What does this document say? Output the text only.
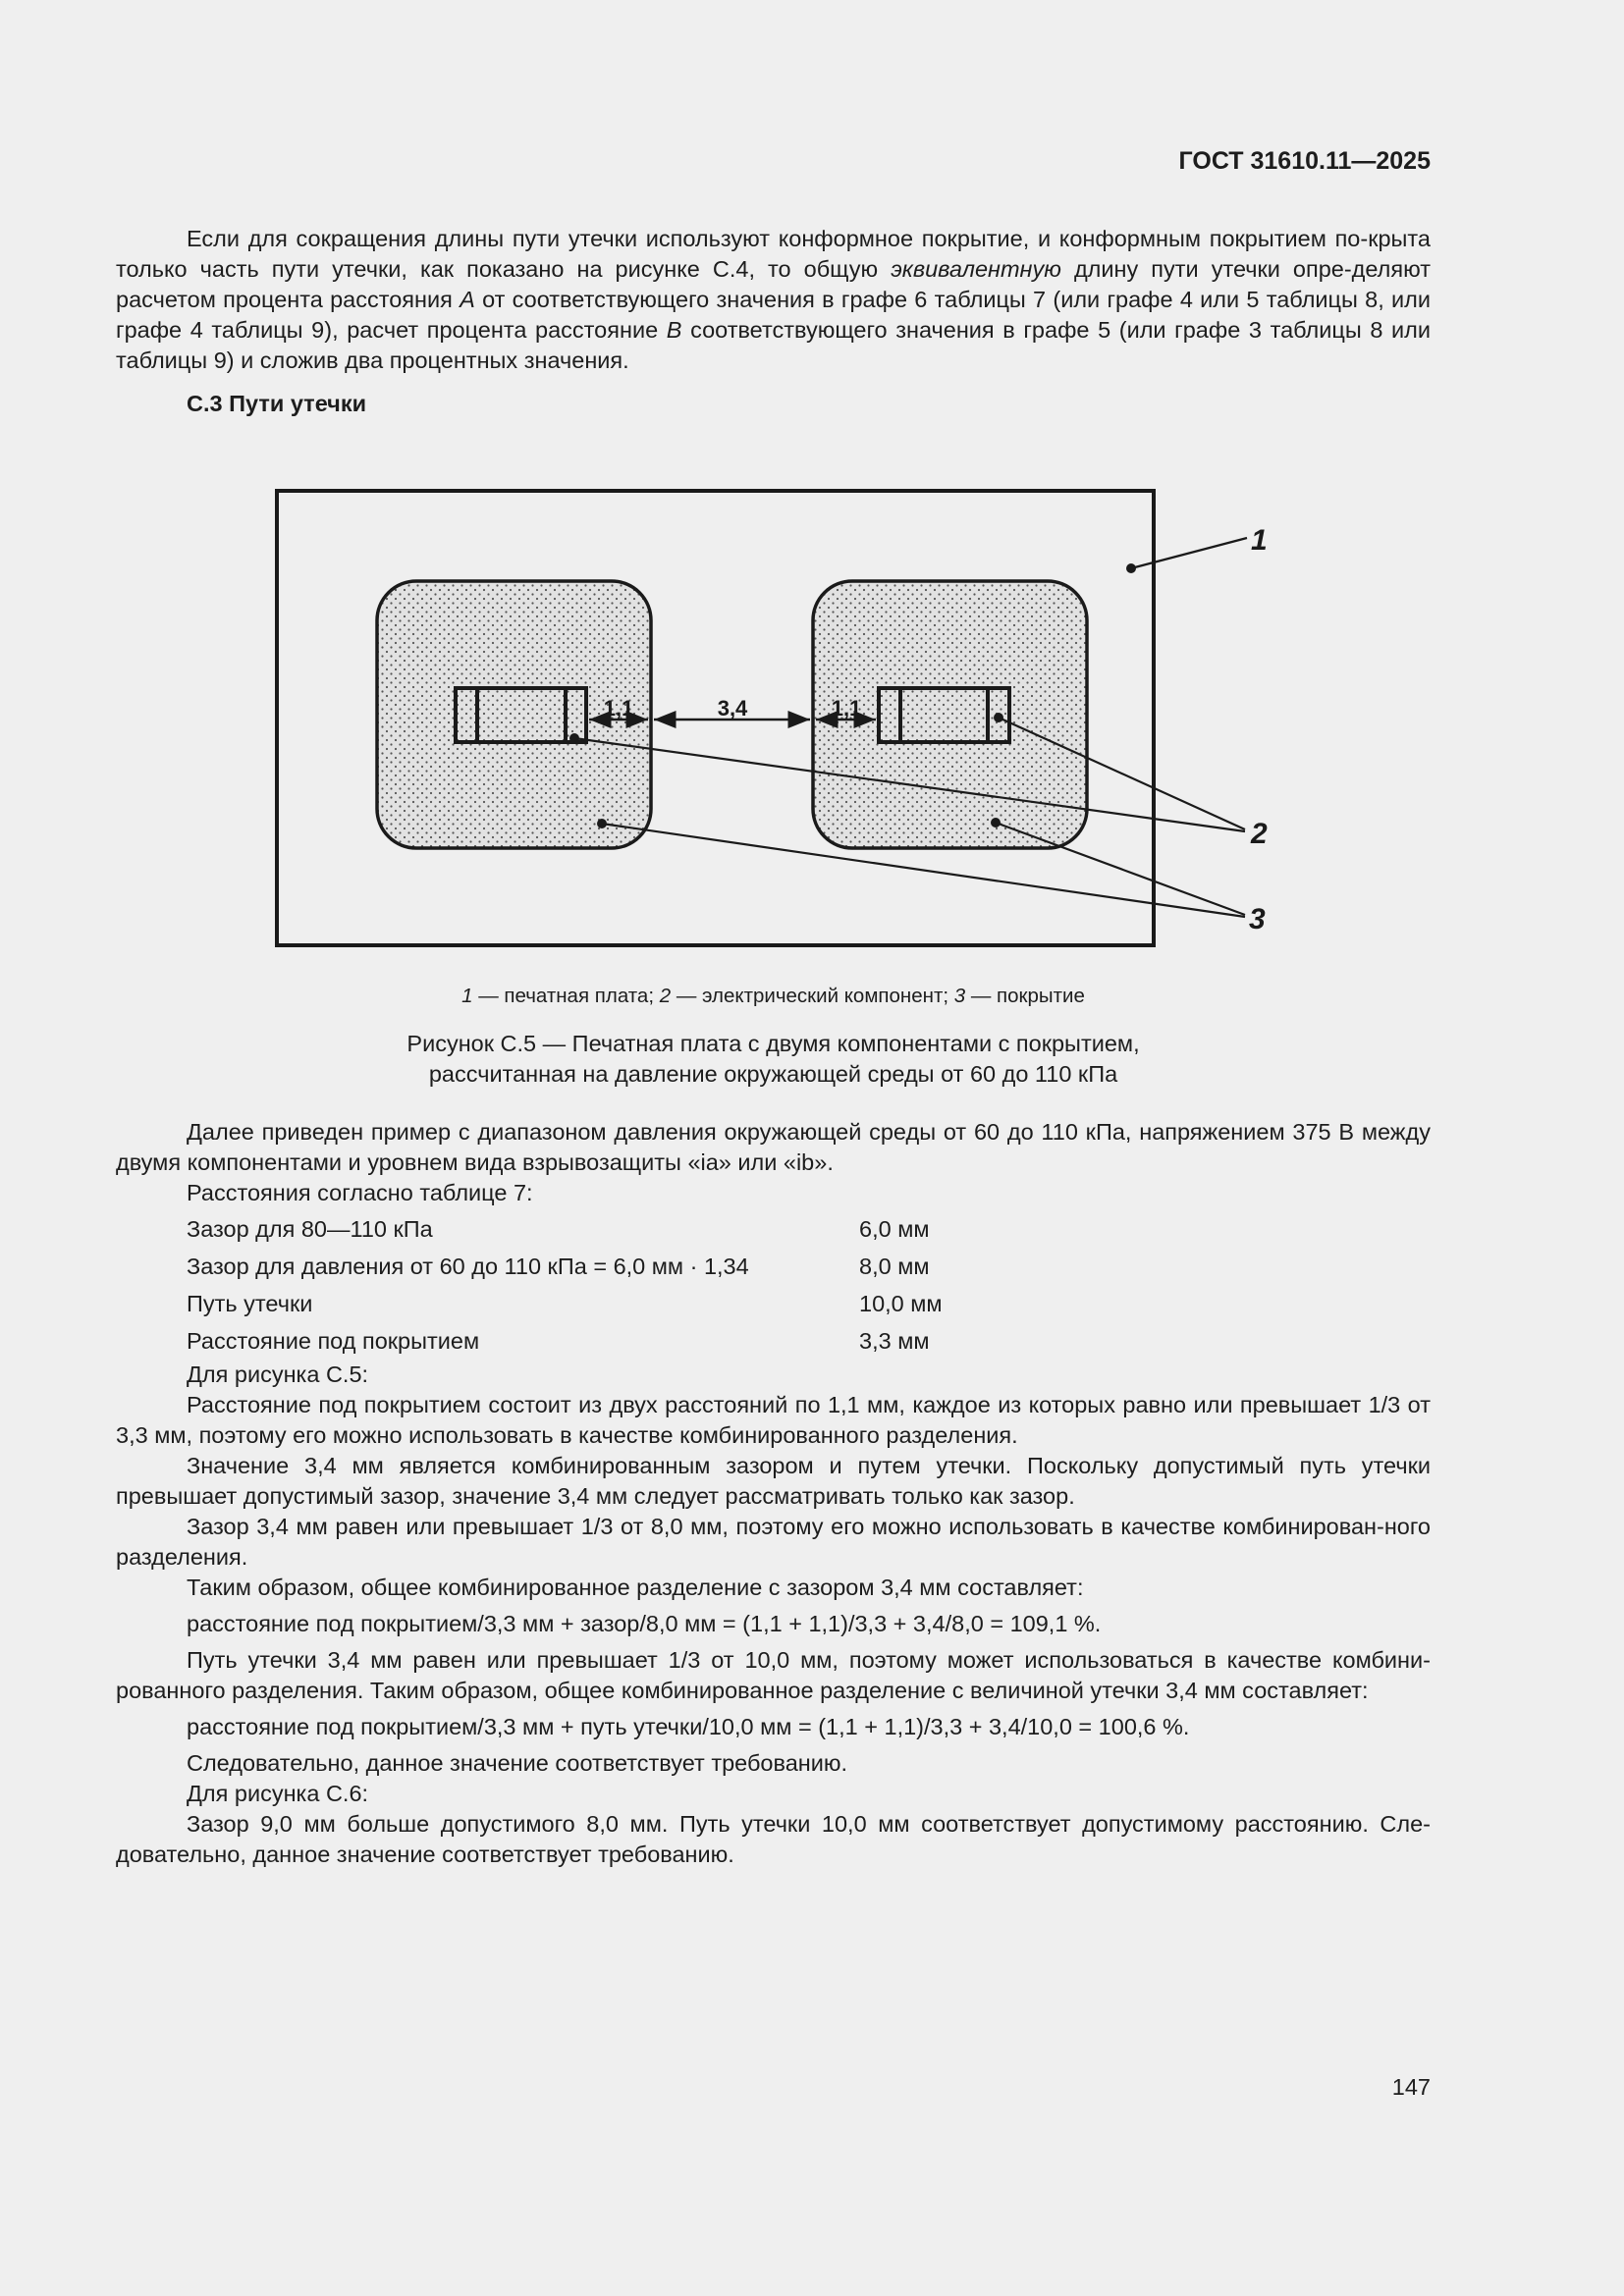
ГОСТ 31610.11—2025

Если для сокращения длины пути утечки используют конформное покрытие, и конформным покрытием по-крыта только часть пути утечки, как показано на рисунке С.4, то общую эквивалентную длину пути утечки опре-деляют расчетом процента расстояния А от соответствующего значения в графе 6 таблицы 7 (или графе 4 или 5 таблицы 8, или графе 4 таблицы 9), расчет процента расстояние В соответствующего значения в графе 5 (или графе 3 таблицы 8 или таблицы 9) и сложив два процентных значения.

С.3 Пути утечки
1,1	3,4	1,1
1
2
3
1 — печатная плата; 2 — электрический компонент; 3 — покрытие
Рисунок С.5 — Печатная плата с двумя компонентами с покрытием,
рассчитанная на давление окружающей среды от 60 до 110 кПа

Далее приведен пример с диапазоном давления окружающей среды от 60 до 110 кПа, напряжением 375 В между двумя компонентами и уровнем вида взрывозащиты «ia» или «ib».

Расстояния согласно таблице 7:

Зазор для 80—110 кПа	6,0 мм
Зазор для давления от 60 до 110 кПа = 6,0 мм · 1,34	8,0 мм
Путь утечки	10,0 мм
Расстояние под покрытием	3,3 мм

Для рисунка С.5:

Расстояние под покрытием состоит из двух расстояний по 1,1 мм, каждое из которых равно или превышает 1/3 от 3,3 мм, поэтому его можно использовать в качестве комбинированного разделения.

Значение 3,4 мм является комбинированным зазором и путем утечки. Поскольку допустимый путь утечки превышает допустимый зазор, значение 3,4 мм следует рассматривать только как зазор.

Зазор 3,4 мм равен или превышает 1/3 от 8,0 мм, поэтому его можно использовать в качестве комбинирован-ного разделения.

Таким образом, общее комбинированное разделение с зазором 3,4 мм составляет:

расстояние под покрытием/3,3 мм + зазор/8,0 мм = (1,1 + 1,1)/3,3 + 3,4/8,0 = 109,1 %.

Путь утечки 3,4 мм равен или превышает 1/3 от 10,0 мм, поэтому может использоваться в качестве комбини-рованного разделения. Таким образом, общее комбинированное разделение с величиной утечки 3,4 мм составляет:

расстояние под покрытием/3,3 мм + путь утечки/10,0 мм = (1,1 + 1,1)/3,3 + 3,4/10,0 = 100,6 %.

Следовательно, данное значение соответствует требованию.

Для рисунка С.6:

Зазор 9,0 мм больше допустимого 8,0 мм. Путь утечки 10,0 мм соответствует допустимому расстоянию. Сле-довательно, данное значение соответствует требованию.

147
